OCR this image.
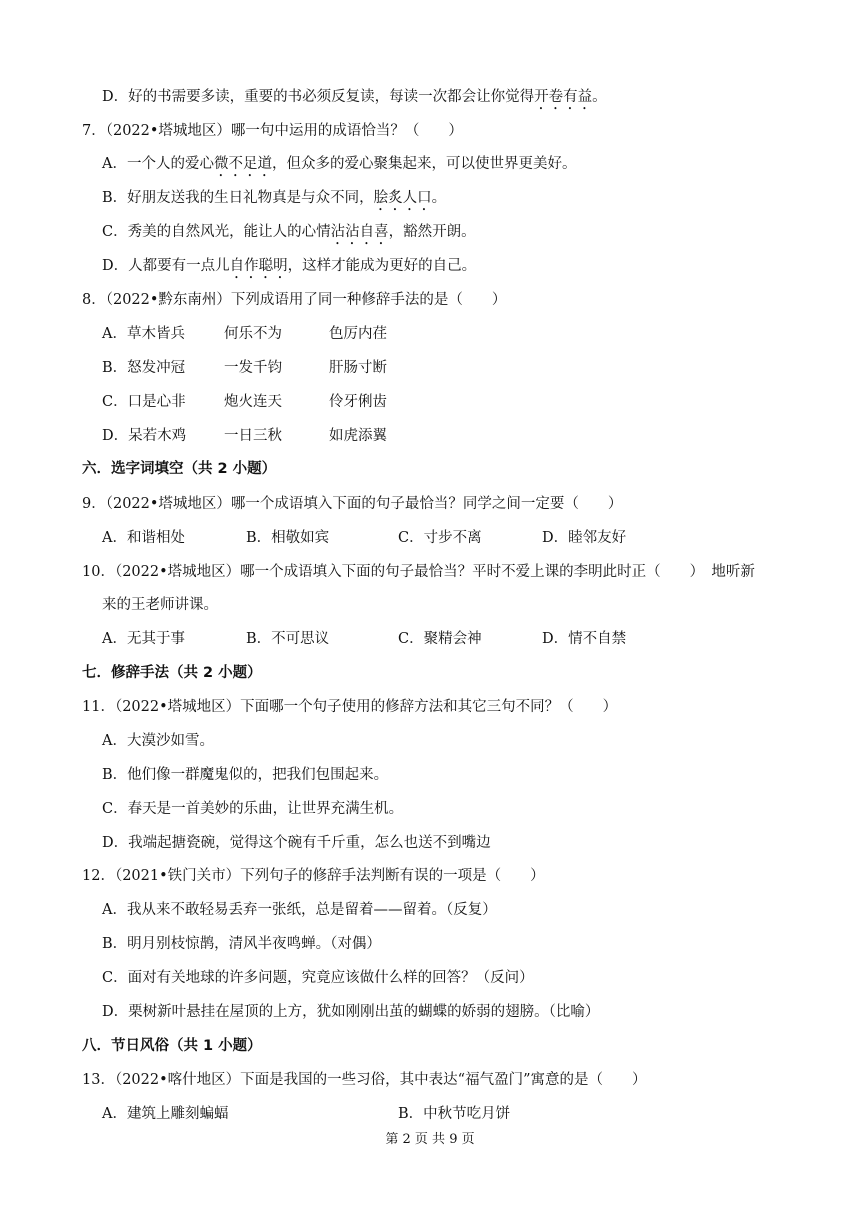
D．好的书需要多读，重要的书必须反复读，每读一次都会让你觉得开卷有益。
7．（2022•塔城地区）哪一句中运用的成语恰当？（　　）
A．一个人的爱心微不足道，但众多的爱心聚集起来，可以使世界更美好。
B．好朋友送我的生日礼物真是与众不同，脍炙人口。
C．秀美的自然风光，能让人的心情沾沾自喜，豁然开朗。
D．人都要有一点儿自作聪明，这样才能成为更好的自己。
8．（2022•黔东南州）下列成语用了同一种修辞手法的是（　　）
A．草木皆兵	何乐不为	色厉内荏
B．怒发冲冠	一发千钧	肝肠寸断
C．口是心非	炮火连天	伶牙俐齿
D．呆若木鸡	一日三秋	如虎添翼
六．选字词填空（共 2 小题）
9．（2022•塔城地区）哪一个成语填入下面的句子最恰当？同学之间一定要（　　）
A．和谐相处	B．相敬如宾	C．寸步不离	D．睦邻友好
10．（2022•塔城地区）哪一个成语填入下面的句子最恰当？平时不爱上课的李明此时正（　　）　地听新
来的王老师讲课。
A．无其于事	B．不可思议	C．聚精会神	D．情不自禁
七．修辞手法（共 2 小题）
11．（2022•塔城地区）下面哪一个句子使用的修辞方法和其它三句不同？（　　）
A．大漠沙如雪。
B．他们像一群魔鬼似的，把我们包围起来。
C．春天是一首美妙的乐曲，让世界充满生机。
D．我端起搪瓷碗，觉得这个碗有千斤重，怎么也送不到嘴边
12．（2021•铁门关市）下列句子的修辞手法判断有误的一项是（　　）
A．我从来不敢轻易丢弃一张纸，总是留着——留着。（反复）
B．明月别枝惊鹊，清风半夜鸣蝉。（对偶）
C．面对有关地球的许多问题，究竟应该做什么样的回答？（反问）
D．栗树新叶悬挂在屋顶的上方，犹如刚刚出茧的蝴蝶的娇弱的翅膀。（比喻）
八．节日风俗（共 1 小题）
13．（2022•喀什地区）下面是我国的一些习俗，其中表达“福气盈门”寓意的是（　　）
A．建筑上雕刻蝙蝠	B．中秋节吃月饼
第 2 页 共 9 页
